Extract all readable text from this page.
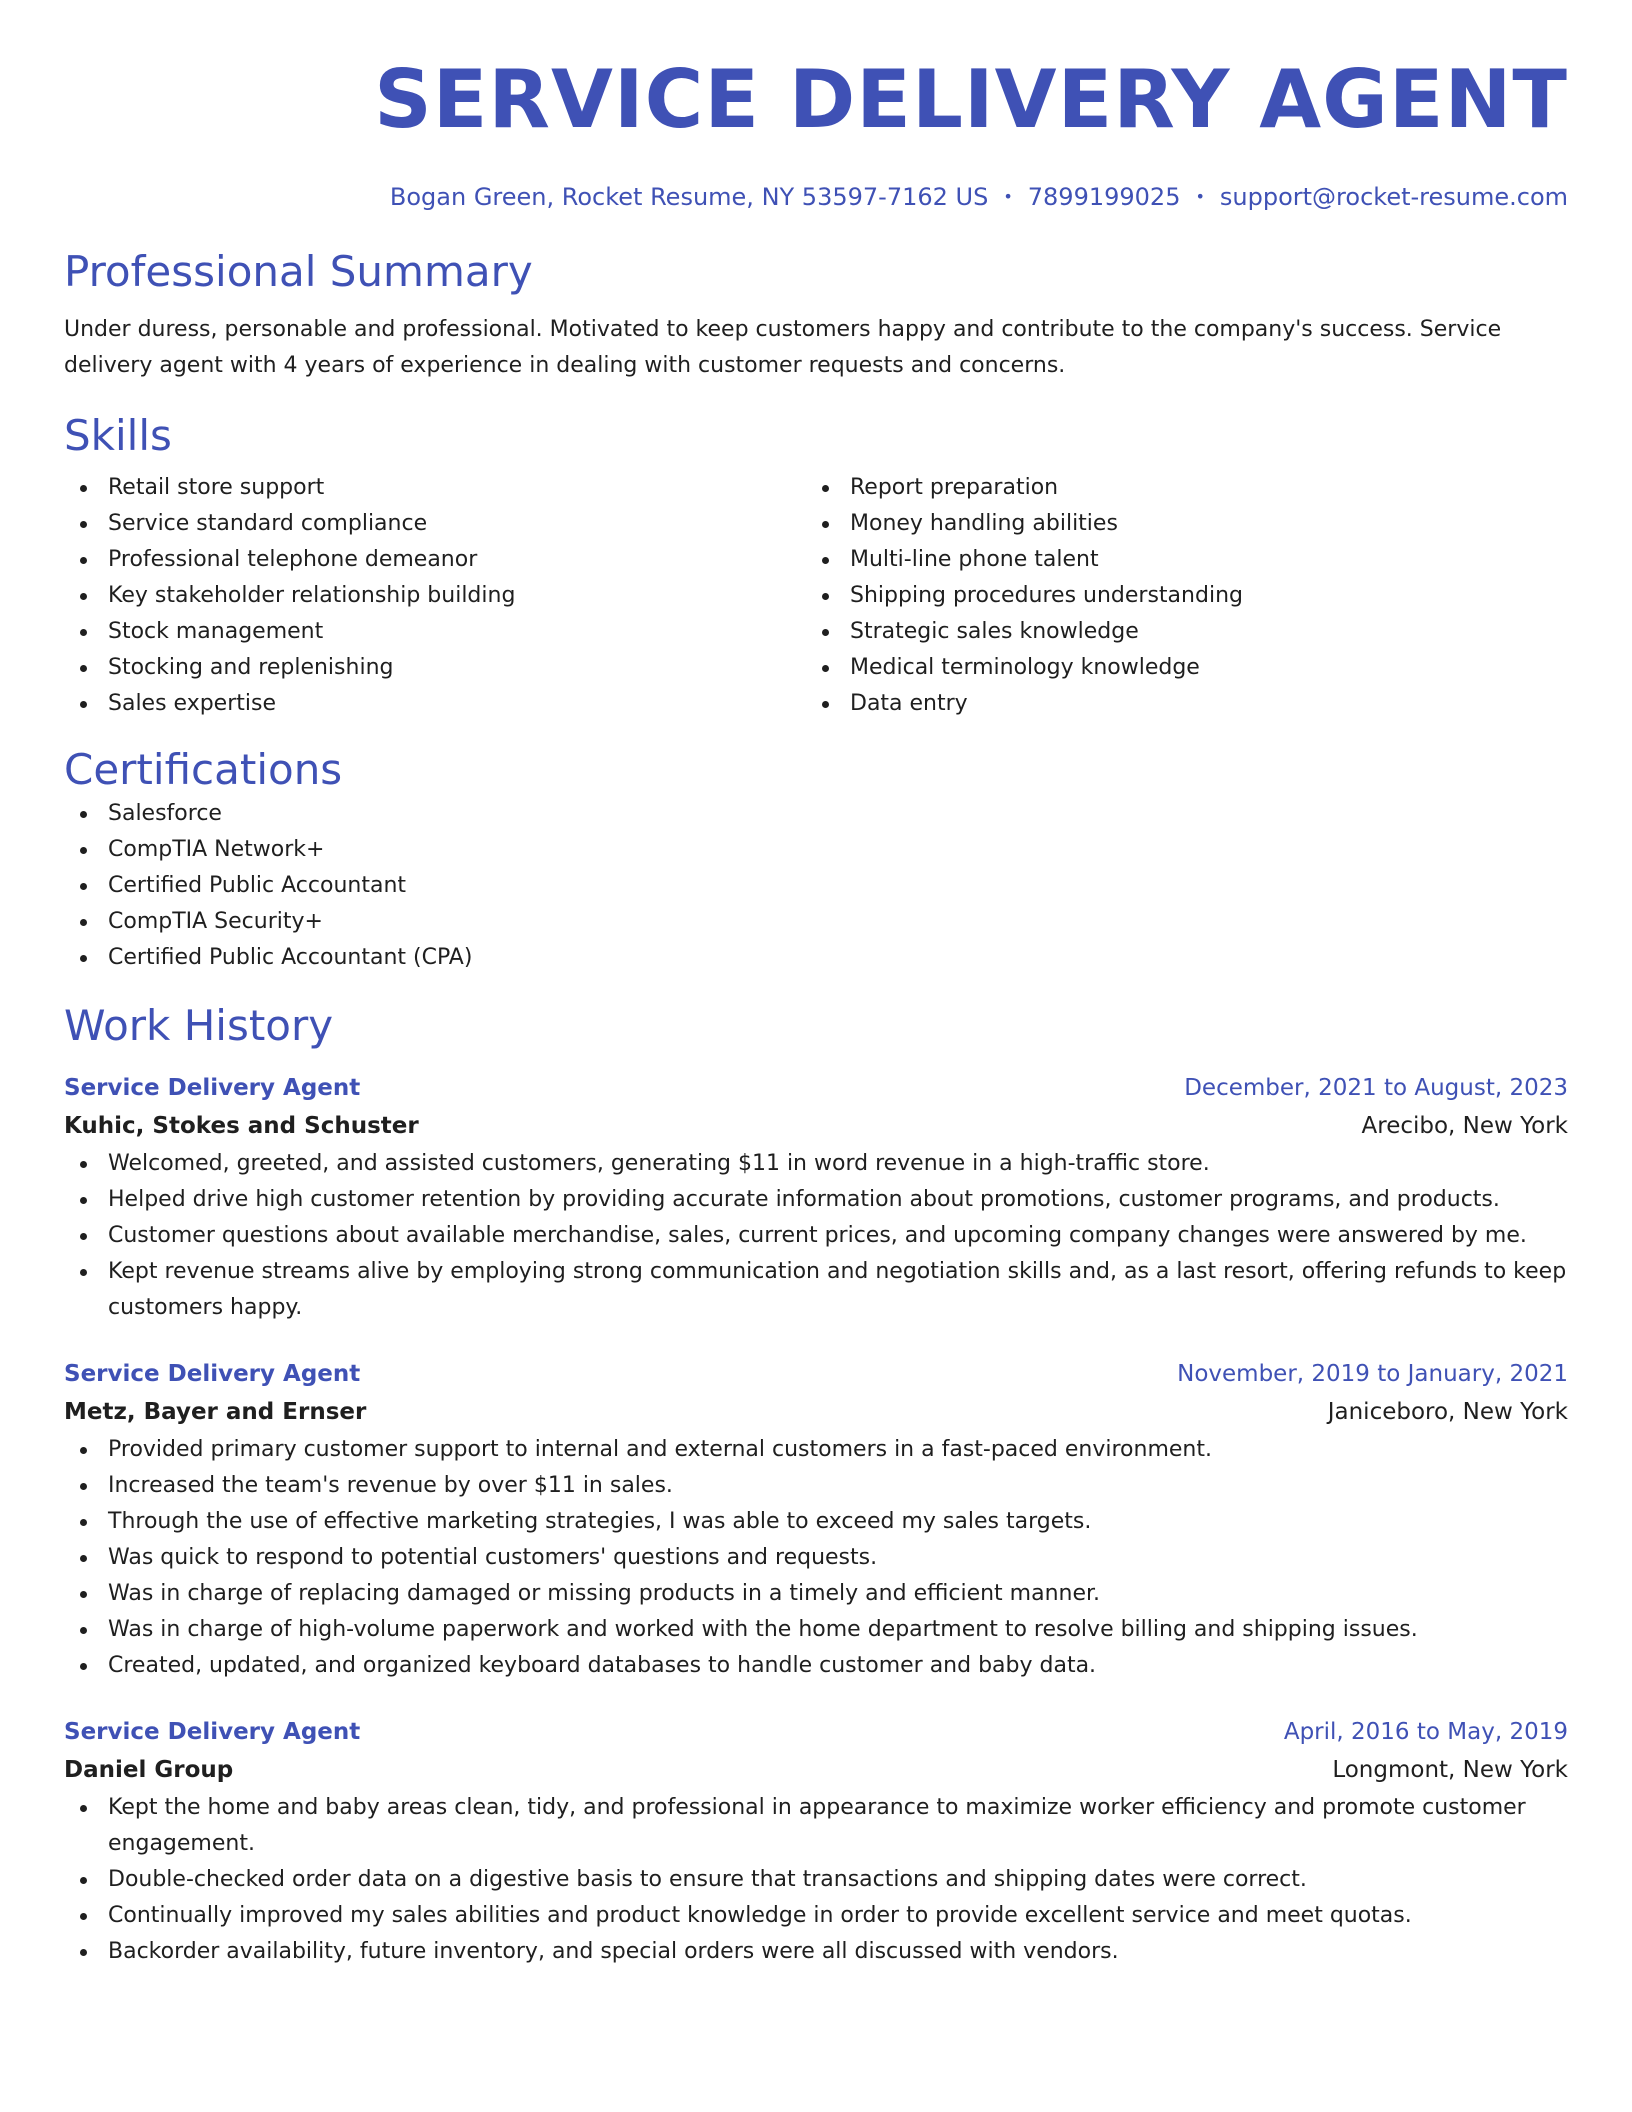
SERVICE DELIVERY AGENT
Bogan Green, Rocket Resume, NY 53597-7162 US • 7899199025 • support@rocket-resume.com
Professional Summary
Under duress, personable and professional. Motivated to keep customers happy and contribute to the company's success. Service delivery agent with 4 years of experience in dealing with customer requests and concerns.
Skills
Retail store support
Service standard compliance
Professional telephone demeanor
Key stakeholder relationship building
Stock management
Stocking and replenishing
Sales expertise
Report preparation
Money handling abilities
Multi-line phone talent
Shipping procedures understanding
Strategic sales knowledge
Medical terminology knowledge
Data entry
Certifications
Salesforce
CompTIA Network+
Certified Public Accountant
CompTIA Security+
Certified Public Accountant (CPA)
Work History
Service Delivery Agent	December, 2021 to August, 2023
Kuhic, Stokes and Schuster	Arecibo, New York
Welcomed, greeted, and assisted customers, generating $11 in word revenue in a high-traffic store.
Helped drive high customer retention by providing accurate information about promotions, customer programs, and products.
Customer questions about available merchandise, sales, current prices, and upcoming company changes were answered by me.
Kept revenue streams alive by employing strong communication and negotiation skills and, as a last resort, offering refunds to keep customers happy.
Service Delivery Agent	November, 2019 to January, 2021
Metz, Bayer and Ernser	Janiceboro, New York
Provided primary customer support to internal and external customers in a fast-paced environment.
Increased the team's revenue by over $11 in sales.
Through the use of effective marketing strategies, I was able to exceed my sales targets.
Was quick to respond to potential customers' questions and requests.
Was in charge of replacing damaged or missing products in a timely and efficient manner.
Was in charge of high-volume paperwork and worked with the home department to resolve billing and shipping issues.
Created, updated, and organized keyboard databases to handle customer and baby data.
Service Delivery Agent	April, 2016 to May, 2019
Daniel Group	Longmont, New York
Kept the home and baby areas clean, tidy, and professional in appearance to maximize worker efficiency and promote customer engagement.
Double-checked order data on a digestive basis to ensure that transactions and shipping dates were correct.
Continually improved my sales abilities and product knowledge in order to provide excellent service and meet quotas.
Backorder availability, future inventory, and special orders were all discussed with vendors.
